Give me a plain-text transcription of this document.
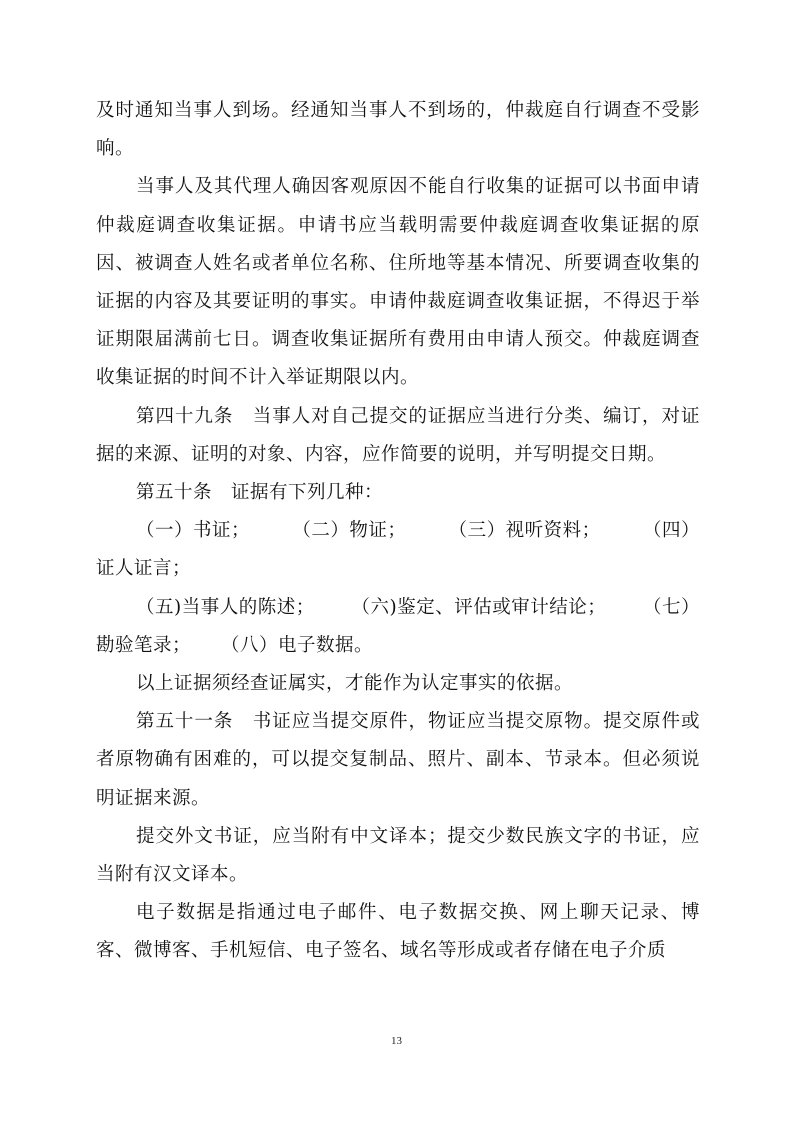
及时通知当事人到场。经通知当事人不到场的，仲裁庭自行调查不受影响。

当事人及其代理人确因客观原因不能自行收集的证据可以书面申请仲裁庭调查收集证据。申请书应当载明需要仲裁庭调查收集证据的原因、被调查人姓名或者单位名称、住所地等基本情况、所要调查收集的证据的内容及其要证明的事实。申请仲裁庭调查收集证据，不得迟于举证期限届满前七日。调查收集证据所有费用由申请人预交。仲裁庭调查收集证据的时间不计入举证期限以内。

第四十九条　当事人对自己提交的证据应当进行分类、编订，对证据的来源、证明的对象、内容，应作简要的说明，并写明提交日期。

第五十条　证据有下列几种：

（一）书证； （二）物证； （三）视听资料； （四）

证人证言；

（五)当事人的陈述； （六)鉴定、评估或审计结论； （七）

勘验笔录； （八）电子数据。

以上证据须经查证属实，才能作为认定事实的依据。

第五十一条　书证应当提交原件，物证应当提交原物。提交原件或者原物确有困难的，可以提交复制品、照片、副本、节录本。但必须说明证据来源。

提交外文书证，应当附有中文译本；提交少数民族文字的书证，应当附有汉文译本。

电子数据是指通过电子邮件、电子数据交换、网上聊天记录、博客、微博客、手机短信、电子签名、域名等形成或者存储在电子介质

13
